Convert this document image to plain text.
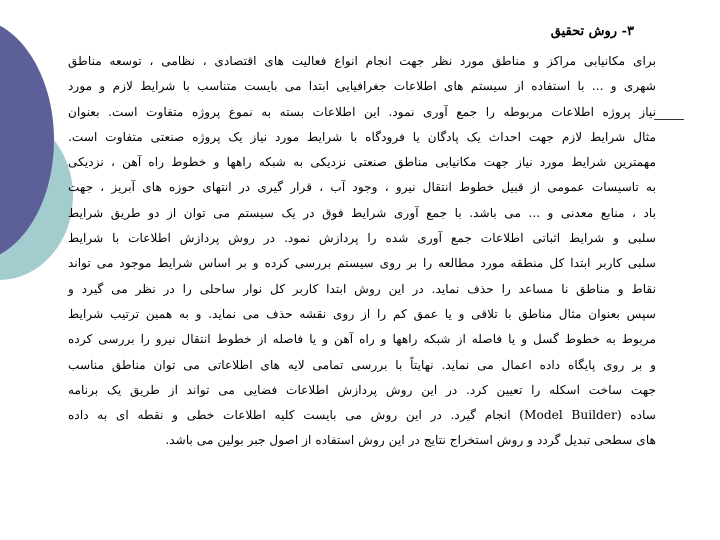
۳- روش تحقیق
برای مکانیابی مراکز و مناطق مورد نظر جهت انجام انواع فعالیت های اقتصادی ، نظامی ، توسعه مناطق
شهری و ... با استفاده از سیستم های اطلاعات جغرافیایی ابتدا می بایست متناسب با شرایط لازم و مورد
نیاز پروژه اطلاعات مربوطه را جمع آوری نمود. این اطلاعات بسته به نموع پروژه متفاوت است. بعنوان
مثال شرایط لازم جهت احداث یک پادگان یا فرودگاه با شرایط مورد نیاز یک پروژه صنعتی متفاوت است.
مهمترین شرایط مورد نیاز جهت مکانیابی مناطق صنعتی نزدیکی به شبکه راهها و خطوط راه آهن ، نزدیکی
به تاسیسات عمومی از قبیل خطوط انتقال نیرو ، وجود آب ، قرار گیری در انتهای حوزه های آبریز ، جهت
باد ، منابع معدنی و ... می باشد. با جمع آوری شرایط فوق در یک سیستم می توان از دو طریق شرایط
سلبی و شرایط اثباتی اطلاعات جمع آوری شده را پردازش نمود. در روش پردازش اطلاعات با شرایط
سلبی کاربر ابتدا کل منطقه مورد مطالعه را بر روی سیستم بررسی کرده و بر اساس شرایط موجود می تواند
نقاط و مناطق نا مساعد را حذف نماید. در این روش ابتدا کاربر کل نوار ساحلی را در نظر می گیرد و
سپس بعنوان مثال مناطق با تلاقی و یا عمق کم را از روی نقشه حذف می نماید. و به همین ترتیب شرایط
مربوط به خطوط گسل و یا فاصله از شبکه راهها و راه آهن و یا فاصله از خطوط انتقال نیرو را بررسی کرده
و بر روی پایگاه داده اعمال می نماید. نهایتاً با بررسی تمامی لایه های اطلاعاتی می توان مناطق مناسب
جهت ساخت اسکله را تعیین کرد. در این روش پردازش اطلاعات فضایی می تواند از طریق یک برنامه
ساده (Model Builder) انجام گیرد. در این روش می بایست کلیه اطلاعات خطی و نقطه ای به داده
های سطحی تبدیل گردد و روش استخراج نتایج در این روش استفاده از اصول جبر بولین می باشد.
